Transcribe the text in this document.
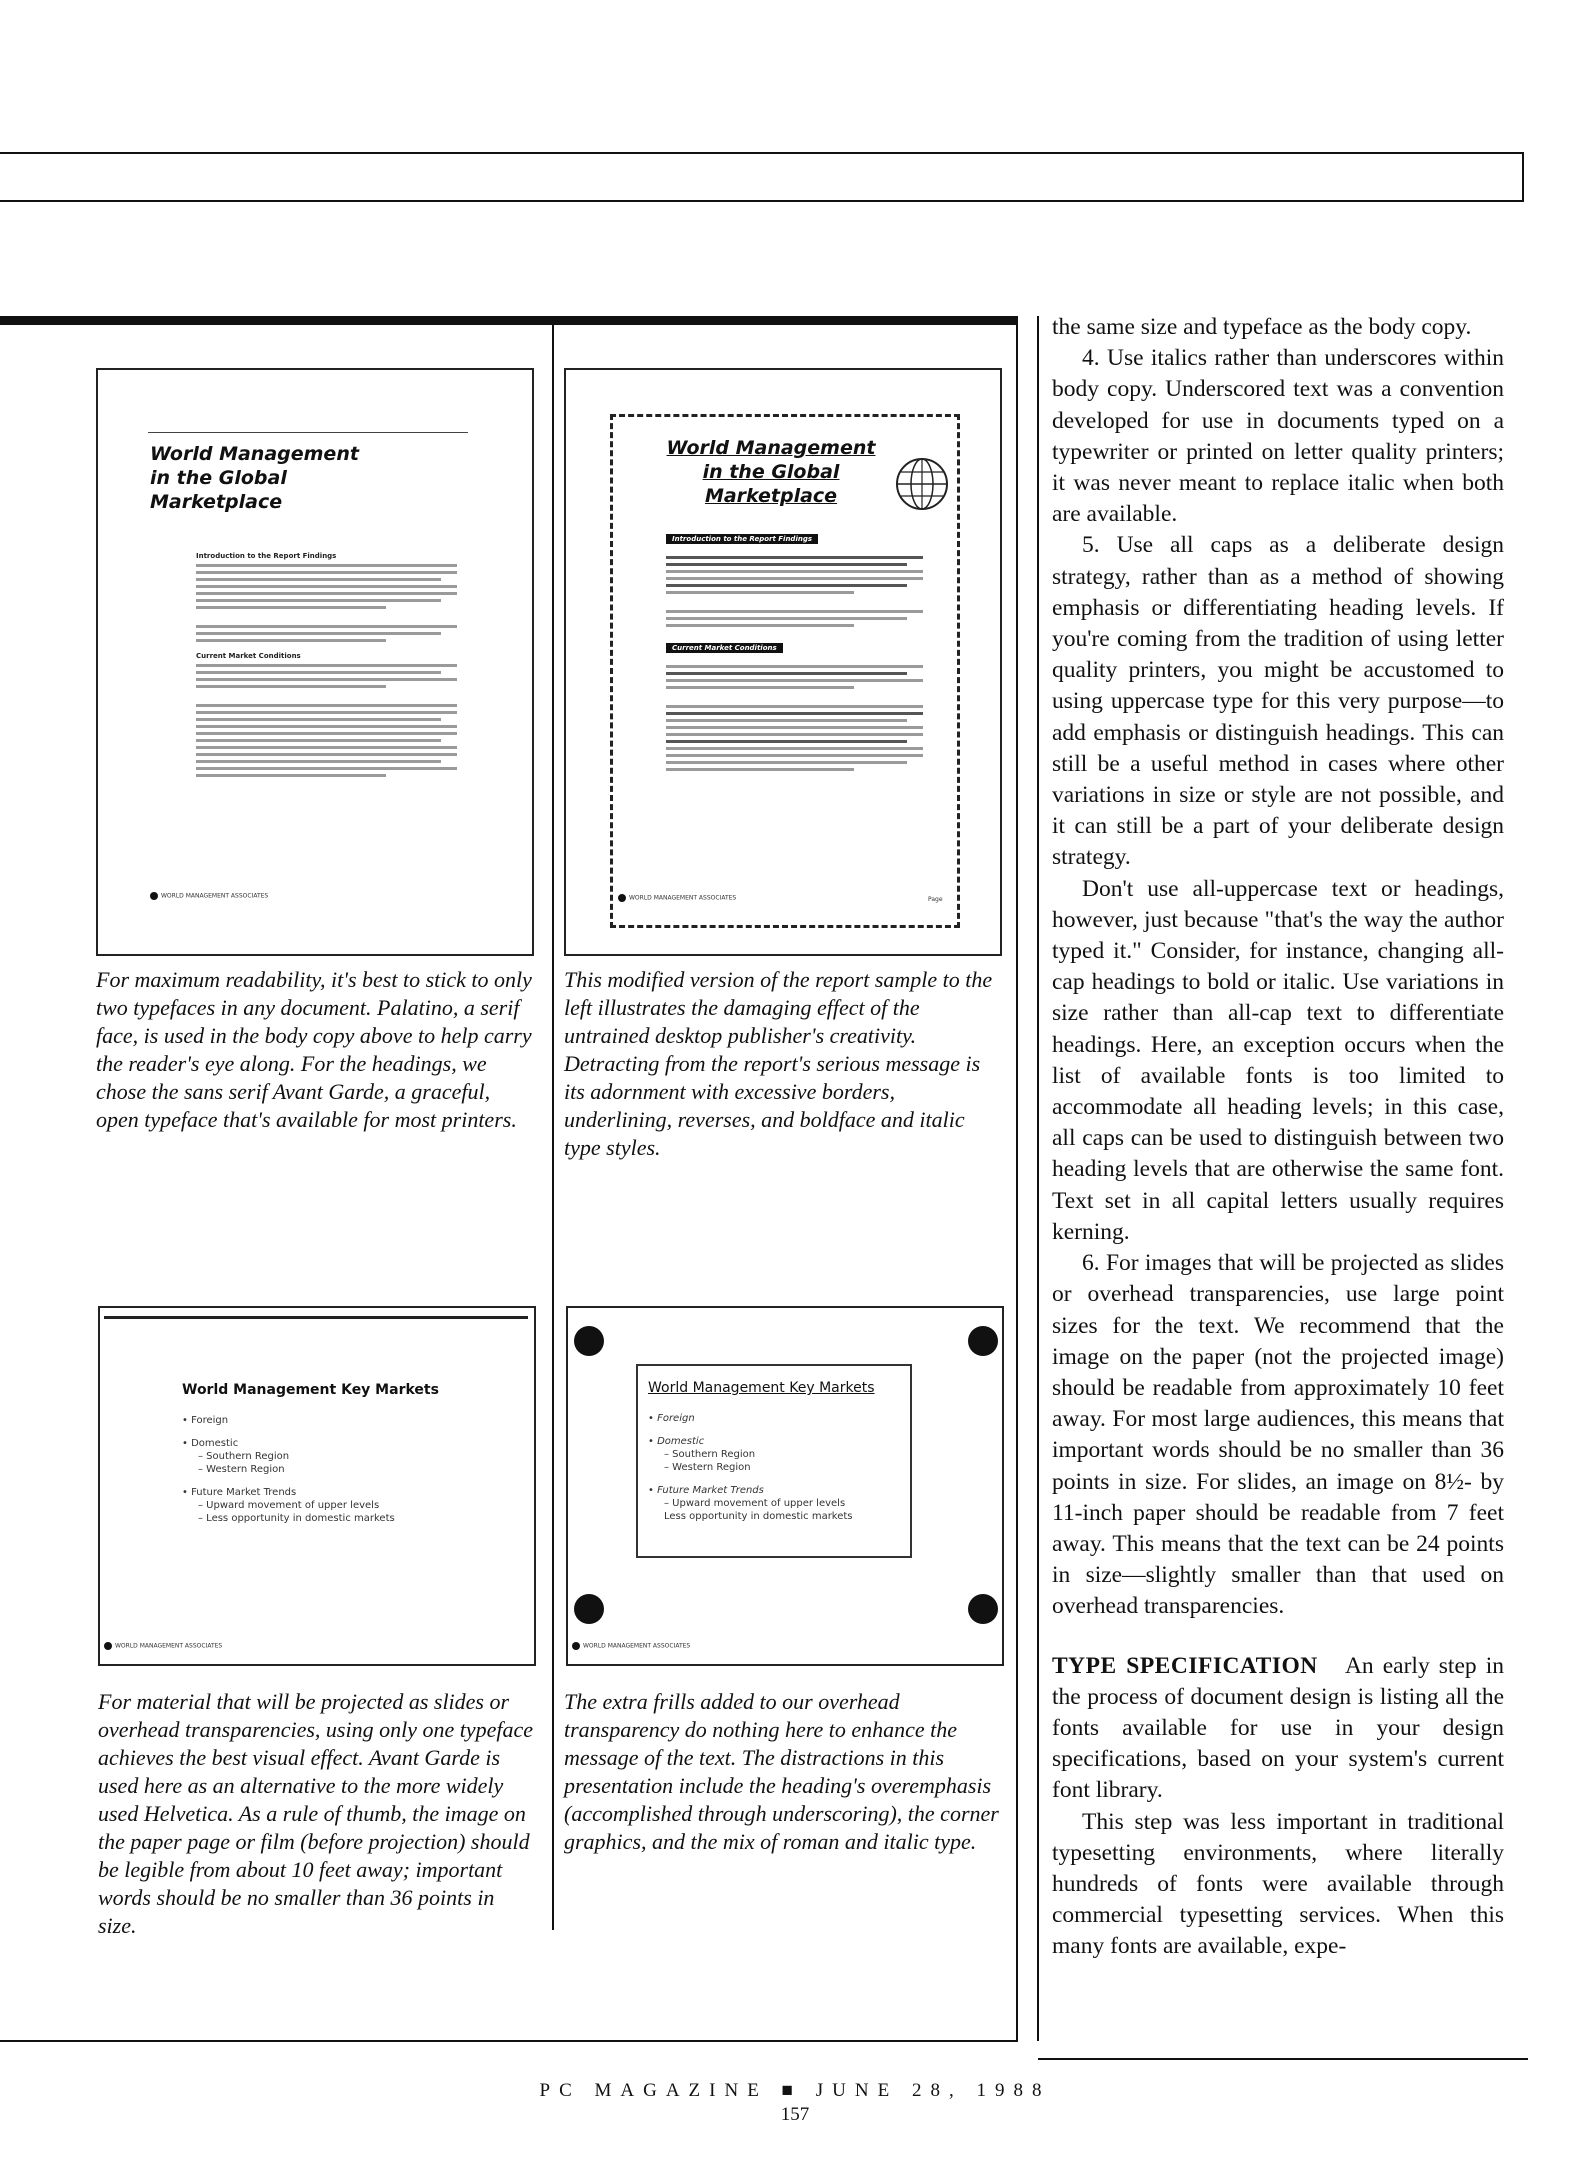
World Management
in the Global
Marketplace
Introduction to the Report Findings
Current Market Conditions
WORLD MANAGEMENT ASSOCIATES
World Management
in the Global
Marketplace
Introduction to the Report Findings
Current Market Conditions
WORLD MANAGEMENT ASSOCIATES	Page
For maximum readability, it's best to stick to only two typefaces in any document. Palatino, a serif face, is used in the body copy above to help carry the reader's eye along. For the headings, we chose the sans serif Avant Garde, a graceful, open typeface that's available for most printers.
This modified version of the report sample to the left illustrates the damaging effect of the untrained desktop publisher's creativity. Detracting from the report's serious message is its adornment with excessive borders, underlining, reverses, and boldface and italic type styles.
World Management Key Markets
• Foreign
• Domestic
– Southern Region
– Western Region
• Future Market Trends
– Upward movement of upper levels
– Less opportunity in domestic markets
WORLD MANAGEMENT ASSOCIATES
World Management Key Markets
• Foreign
• Domestic
– Southern Region
– Western Region
• Future Market Trends
– Upward movement of upper levels
Less opportunity in domestic markets
WORLD MANAGEMENT ASSOCIATES
For material that will be projected as slides or overhead transparencies, using only one typeface achieves the best visual effect. Avant Garde is used here as an alternative to the more widely used Helvetica. As a rule of thumb, the image on the paper page or film (before projection) should be legible from about 10 feet away; important words should be no smaller than 36 points in size.
The extra frills added to our overhead transparency do nothing here to enhance the message of the text. The distractions in this presentation include the heading's overemphasis (accomplished through underscoring), the corner graphics, and the mix of roman and italic type.

the same size and typeface as the body copy.

4. Use italics rather than underscores within body copy. Underscored text was a convention developed for use in documents typed on a typewriter or printed on letter quality printers; it was never meant to replace italic when both are available.

5. Use all caps as a deliberate design strategy, rather than as a method of showing emphasis or differentiating heading levels. If you're coming from the tradition of using letter quality printers, you might be accustomed to using uppercase type for this very purpose—to add emphasis or distinguish headings. This can still be a useful method in cases where other variations in size or style are not possible, and it can still be a part of your deliberate design strategy.

Don't use all-uppercase text or headings, however, just because "that's the way the author typed it." Consider, for instance, changing all-cap headings to bold or italic. Use variations in size rather than all-cap text to differentiate headings. Here, an exception occurs when the list of available fonts is too limited to accommodate all heading levels; in this case, all caps can be used to distinguish between two heading levels that are otherwise the same font. Text set in all capital letters usually requires kerning.

6. For images that will be projected as slides or overhead transparencies, use large point sizes for the text. We recommend that the image on the paper (not the projected image) should be readable from approximately 10 feet away. For most large audiences, this means that important words should be no smaller than 36 points in size. For slides, an image on 8½- by 11-inch paper should be readable from 7 feet away. This means that the text can be 24 points in size—slightly smaller than that used on overhead transparencies.

TYPE SPECIFICATION An early step in the process of document design is listing all the fonts available for use in your design specifications, based on your system's current font library.

This step was less important in traditional typesetting environments, where literally hundreds of fonts were available through commercial typesetting services. When this many fonts are available, expe-

PC MAGAZINE ■ JUNE 28, 1988
157
